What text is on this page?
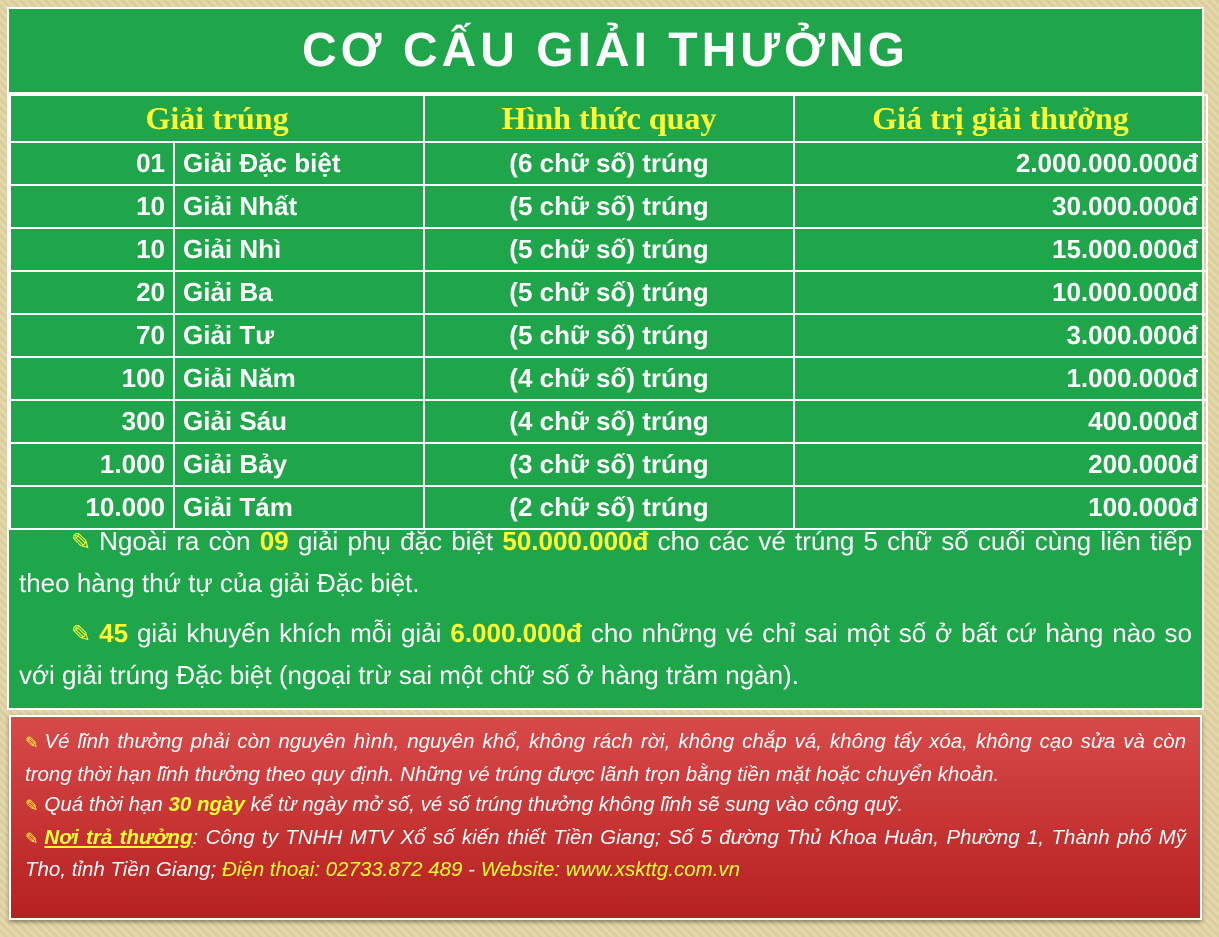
CƠ CẤU GIẢI THƯỞNG
Giải trúng		Hình thức quay	Giá trị giải thưởng
01	Giải Đặc biệt	(6 chữ số) trúng	2.000.000.000đ
10	Giải Nhất	(5 chữ số) trúng	30.000.000đ
10	Giải Nhì	(5 chữ số) trúng	15.000.000đ
20	Giải Ba	(5 chữ số) trúng	10.000.000đ
70	Giải Tư	(5 chữ số) trúng	3.000.000đ
100	Giải Năm	(4 chữ số) trúng	1.000.000đ
300	Giải Sáu	(4 chữ số) trúng	400.000đ
1.000	Giải Bảy	(3 chữ số) trúng	200.000đ
10.000	Giải Tám	(2 chữ số) trúng	100.000đ

✎ Ngoài ra còn 09 giải phụ đặc biệt 50.000.000đ cho các vé trúng 5 chữ số cuối cùng liên tiếp theo hàng thứ tự của giải Đặc biệt.

✎ 45 giải khuyến khích mỗi giải 6.000.000đ cho những vé chỉ sai một số ở bất cứ hàng nào so với giải trúng Đặc biệt (ngoại trừ sai một chữ số ở hàng trăm ngàn).

✎ Vé lĩnh thưởng phải còn nguyên hình, nguyên khổ, không rách rời, không chắp vá, không tẩy xóa, không cạo sửa và còn trong thời hạn lĩnh thưởng theo quy định. Những vé trúng được lãnh trọn bằng tiền mặt hoặc chuyển khoản.

✎ Quá thời hạn 30 ngày kể từ ngày mở số, vé số trúng thưởng không lĩnh sẽ sung vào công quỹ.

✎ Nơi trả thưởng: Công ty TNHH MTV Xổ số kiến thiết Tiền Giang; Số 5 đường Thủ Khoa Huân, Phường 1, Thành phố Mỹ Tho, tỉnh Tiền Giang; Điện thoại: 02733.872 489 - Website: www.xskttg.com.vn
